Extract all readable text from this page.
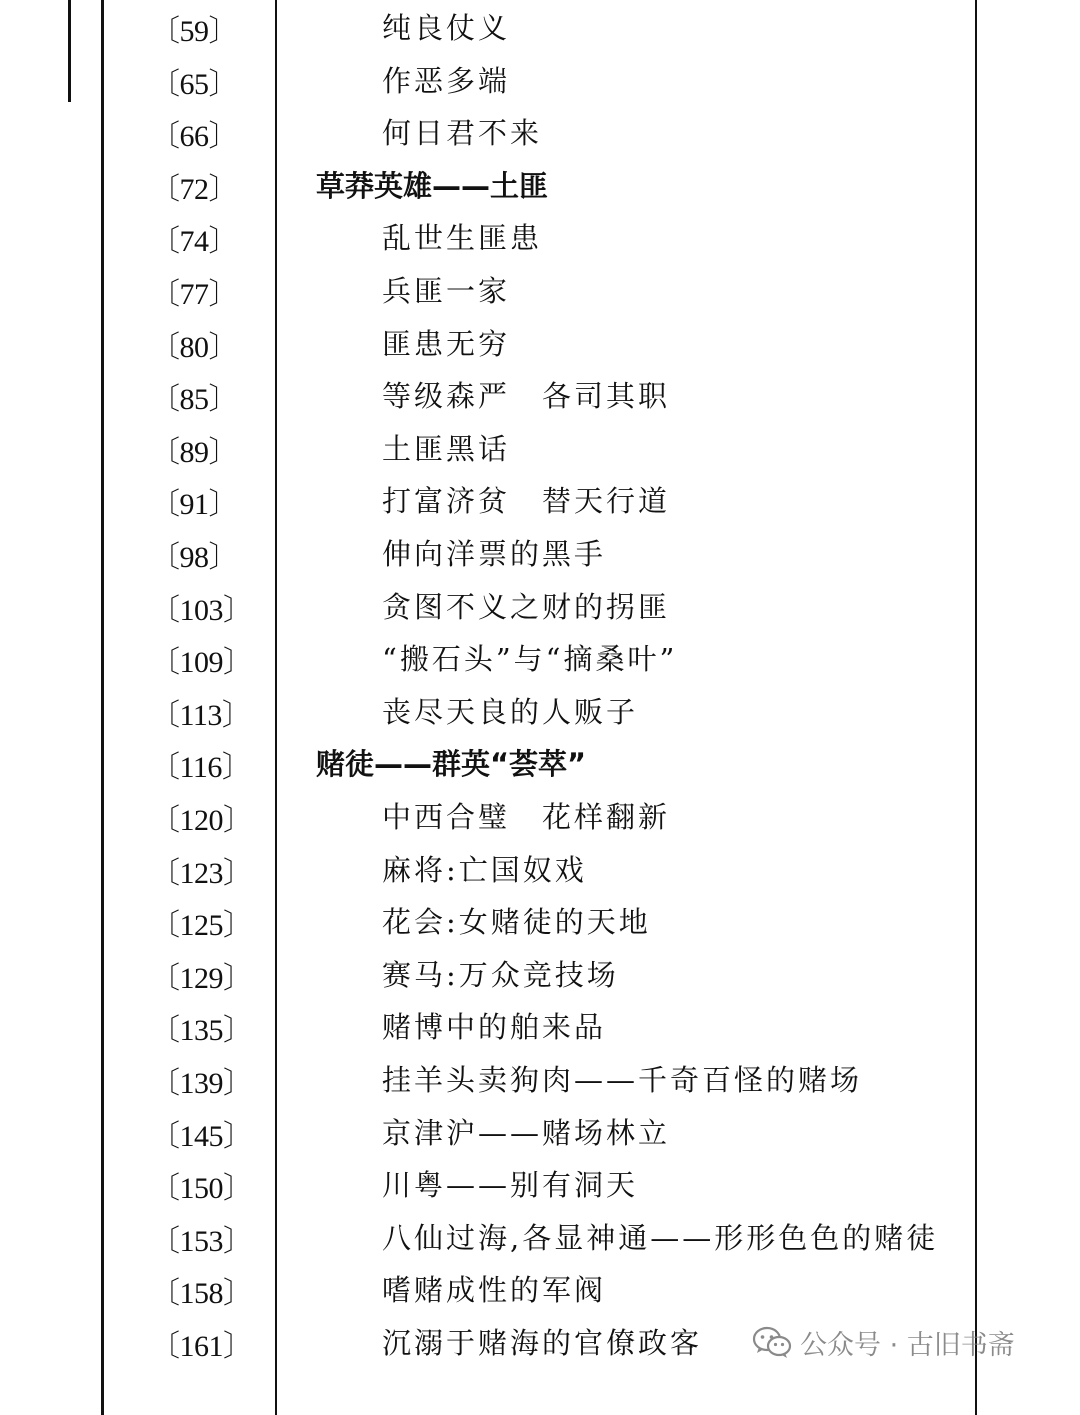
〔59〕	纯良仗义
〔65〕	作恶多端
〔66〕	何日君不来
〔72〕	草莽英雄——土匪
〔74〕	乱世生匪患
〔77〕	兵匪一家
〔80〕	匪患无穷
〔85〕	等级森严　各司其职
〔89〕	土匪黑话
〔91〕	打富济贫　替天行道
〔98〕	伸向洋票的黑手
〔103〕	贪图不义之财的拐匪
〔109〕	“搬石头”与“摘桑叶”
〔113〕	丧尽天良的人贩子
〔116〕 赌徒——群英“荟萃”
〔120〕	中西合璧　花样翻新
〔123〕	麻将:亡国奴戏
〔125〕	花会:女赌徒的天地
〔129〕	赛马:万众竞技场
〔135〕	赌博中的舶来品
〔139〕	挂羊头卖狗肉——千奇百怪的赌场
〔145〕	京津沪——赌场林立
〔150〕	川粤——别有洞天
〔153〕	八仙过海,各显神通——形形色色的赌徒
〔158〕	嗜赌成性的军阀
〔161〕	沉溺于赌海的官僚政客	公众号 · 古旧书斋
